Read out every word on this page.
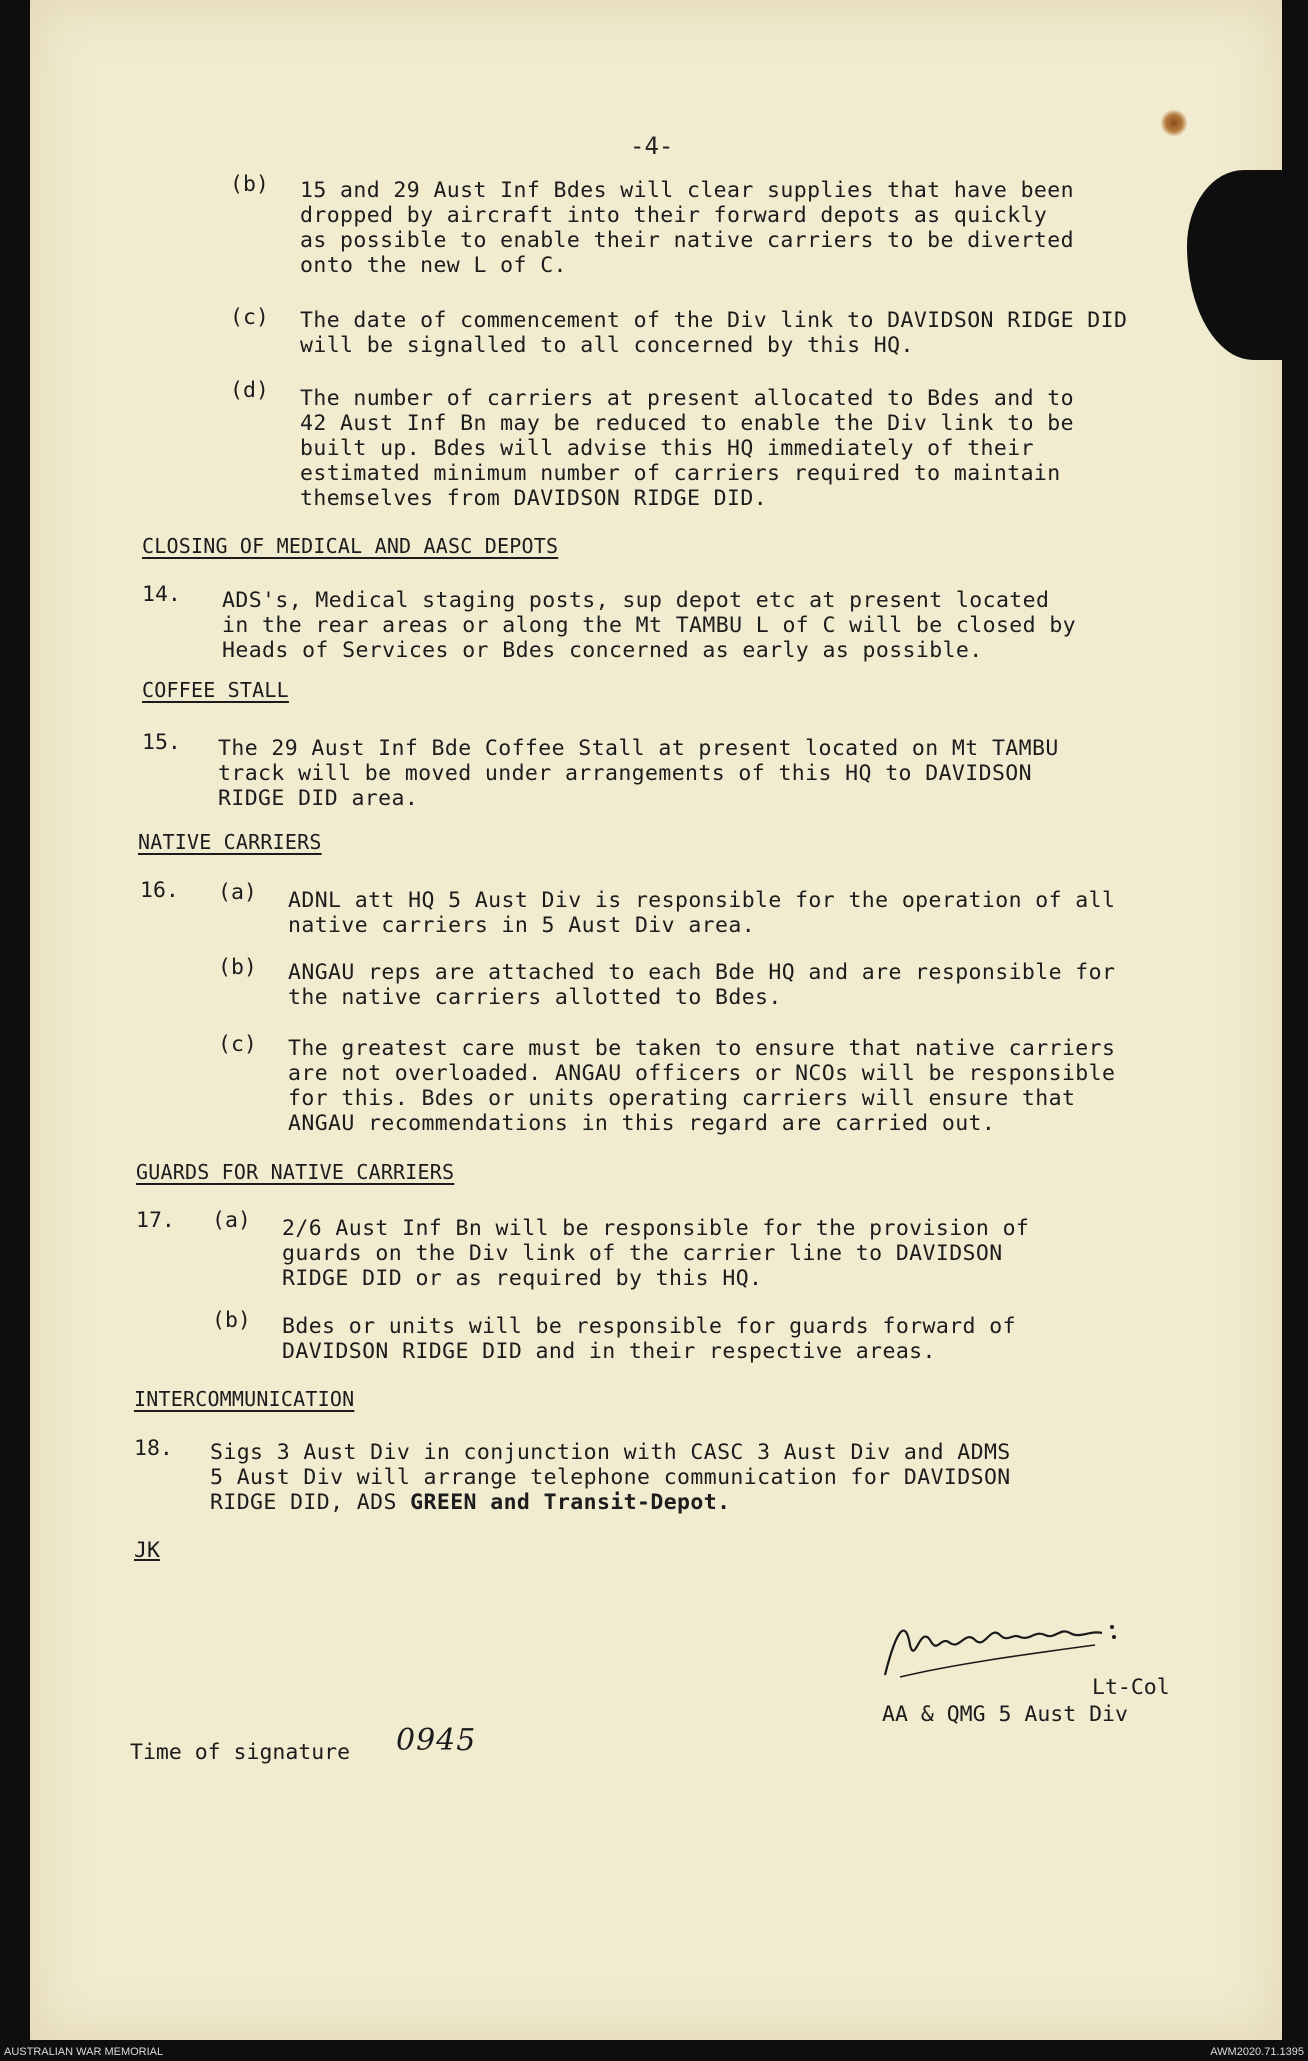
-4-
(b) 15 and 29 Aust Inf Bdes will clear supplies that have been
dropped by aircraft into their forward depots as quickly
as possible to enable their native carriers to be diverted
onto the new L of C.
(c) The date of commencement of the Div link to DAVIDSON RIDGE DID
will be signalled to all concerned by this HQ.
(d) The number of carriers at present allocated to Bdes and to
42 Aust Inf Bn may be reduced to enable the Div link to be
built up. Bdes will advise this HQ immediately of their
estimated minimum number of carriers required to maintain
themselves from DAVIDSON RIDGE DID.
CLOSING OF MEDICAL AND AASC DEPOTS
14. ADS's, Medical staging posts, sup depot etc at present located
in the rear areas or along the Mt TAMBU L of C will be closed by
Heads of Services or Bdes concerned as early as possible.
COFFEE STALL
15. The 29 Aust Inf Bde Coffee Stall at present located on Mt TAMBU
track will be moved under arrangements of this HQ to DAVIDSON
RIDGE DID area.
NATIVE CARRIERS
16. (a) ADNL att HQ 5 Aust Div is responsible for the operation of all
native carriers in 5 Aust Div area.
(b) ANGAU reps are attached to each Bde HQ and are responsible for
the native carriers allotted to Bdes.
(c) The greatest care must be taken to ensure that native carriers
are not overloaded. ANGAU officers or NCOs will be responsible
for this. Bdes or units operating carriers will ensure that
ANGAU recommendations in this regard are carried out.
GUARDS FOR NATIVE CARRIERS
17. (a) 2/6 Aust Inf Bn will be responsible for the provision of
guards on the Div link of the carrier line to DAVIDSON
RIDGE DID or as required by this HQ.
(b) Bdes or units will be responsible for guards forward of
DAVIDSON RIDGE DID and in their respective areas.
INTERCOMMUNICATION
18. Sigs 3 Aust Div in conjunction with CASC 3 Aust Div and ADMS
5 Aust Div will arrange telephone communication for DAVIDSON
RIDGE DID, ADS GREEN and Transit-Depot.
JK
Lt-Col
AA & QMG 5 Aust Div
Time of signature 0945
AUSTRALIAN WAR MEMORIAL	AWM2020.71.1395
